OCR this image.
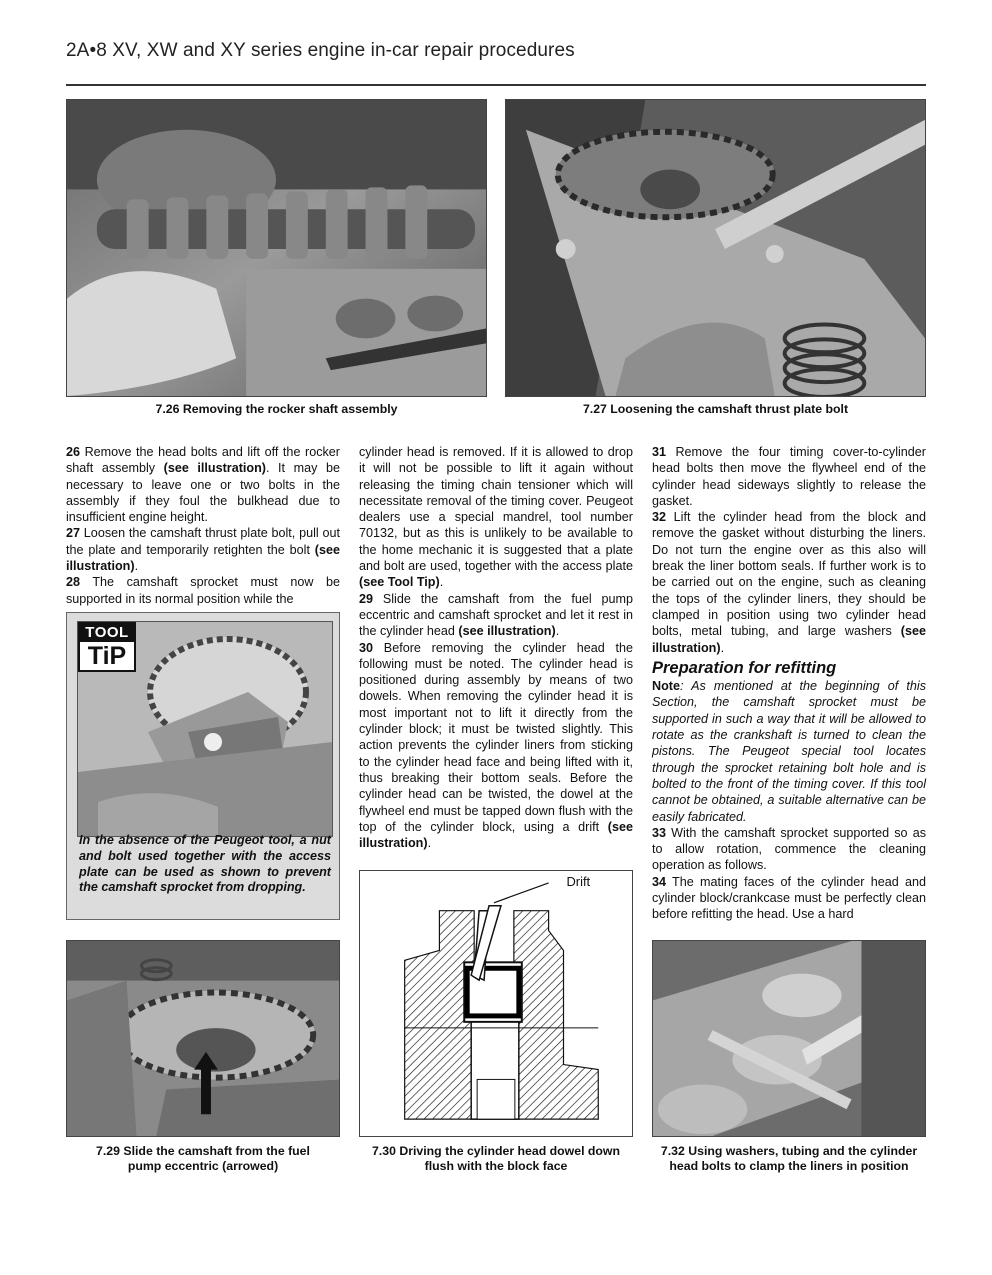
2A•8 XV, XW and XY series engine in-car repair procedures
7.26 Removing the rocker shaft assembly	7.27 Loosening the camshaft thrust plate bolt

26 Remove the head bolts and lift off the rocker shaft assembly (see illustration). It may be necessary to leave one or two bolts in the assembly if they foul the bulkhead due to insufficient engine height.

27 Loosen the camshaft thrust plate bolt, pull out the plate and temporarily retighten the bolt (see illustration).

28 The camshaft sprocket must now be supported in its normal position while the

TOOL
TiP
In the absence of the Peugeot tool, a nut and bolt used together with the access plate can be used as shown to prevent the camshaft sprocket from dropping.

cylinder head is removed. If it is allowed to drop it will not be possible to lift it again without releasing the timing chain tensioner which will necessitate removal of the timing cover. Peugeot dealers use a special mandrel, tool number 70132, but as this is unlikely to be available to the home mechanic it is suggested that a plate and bolt are used, together with the access plate (see Tool Tip).

29 Slide the camshaft from the fuel pump eccentric and camshaft sprocket and let it rest in the cylinder head (see illustration).

30 Before removing the cylinder head the following must be noted. The cylinder head is positioned during assembly by means of two dowels. When removing the cylinder head it is most important not to lift it directly from the cylinder block; it must be twisted slightly. This action prevents the cylinder liners from sticking to the cylinder head face and being lifted with it, thus breaking their bottom seals. Before the cylinder head can be twisted, the dowel at the flywheel end must be tapped down flush with the top of the cylinder block, using a drift (see illustration).

31 Remove the four timing cover-to-cylinder head bolts then move the flywheel end of the cylinder head sideways slightly to release the gasket.

32 Lift the cylinder head from the block and remove the gasket without disturbing the liners. Do not turn the engine over as this also will break the liner bottom seals. If further work is to be carried out on the engine, such as cleaning the tops of the cylinder liners, they should be clamped in position using two cylinder head bolts, metal tubing, and large washers (see illustration).

Preparation for refitting

Note: As mentioned at the beginning of this Section, the camshaft sprocket must be supported in such a way that it will be allowed to rotate as the crankshaft is turned to clean the pistons. The Peugeot special tool locates through the sprocket retaining bolt hole and is bolted to the front of the timing cover. If this tool cannot be obtained, a suitable alternative can be easily fabricated.

33 With the camshaft sprocket supported so as to allow rotation, commence the cleaning operation as follows.

34 The mating faces of the cylinder head and cylinder block/crankcase must be perfectly clean before refitting the head. Use a hard

Drift
7.29 Slide the camshaft from the fuel
pump eccentric (arrowed)
7.30 Driving the cylinder head dowel down
flush with the block face
7.32 Using washers, tubing and the cylinder
head bolts to clamp the liners in position
